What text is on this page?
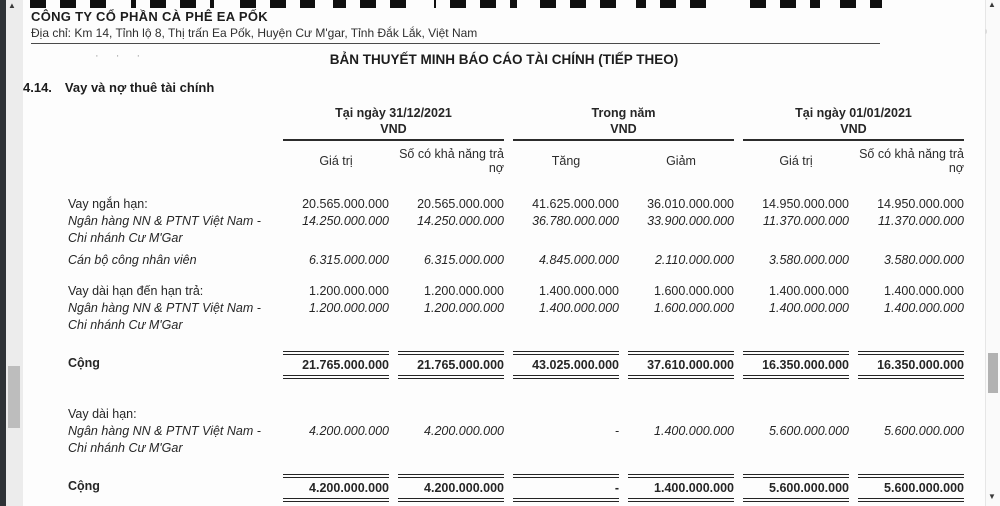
▲	▲
▼
CÔNG TY CỔ PHẦN CÀ PHÊ EA PỐK
Địa chỉ: Km 14, Tỉnh lộ 8, Thị trấn Ea Pốk, Huyện Cư M'gar, Tỉnh Đắk Lắk, Việt Nam
· · ·	BẢN THUYẾT MINH BÁO CÁO TÀI CHÍNH (TIẾP THEO)
4.14. Vay và nợ thuê tài chính

Tại ngày 31/12/2021
VND

Trong năm
VND

Tại ngày 01/01/2021
VND

	Giá trị	Số có khả năng trả nợ	Tăng	Giảm	Giá trị	Số có khả năng trả nợ
Vay ngắn hạn:	20.565.000.000	20.565.000.000	41.625.000.000	36.010.000.000	14.950.000.000	14.950.000.000

Ngân hàng NN & PTNT Việt Nam -
Chi nhánh Cư M'Gar	14.250.000.000	14.250.000.000	36.780.000.000	33.900.000.000	11.370.000.000	11.370.000.000
Cán bộ công nhân viên	6.315.000.000	6.315.000.000	4.845.000.000	2.110.000.000	3.580.000.000	3.580.000.000
Vay dài hạn đến hạn trả:	1.200.000.000	1.200.000.000	1.400.000.000	1.600.000.000	1.400.000.000	1.400.000.000

Ngân hàng NN & PTNT Việt Nam -
Chi nhánh Cư M'Gar	1.200.000.000	1.200.000.000	1.400.000.000	1.600.000.000	1.400.000.000	1.400.000.000
Cộng	21.765.000.000	21.765.000.000	43.025.000.000	37.610.000.000	16.350.000.000	16.350.000.000

Vay dài hạn:						

Ngân hàng NN & PTNT Việt Nam -
Chi nhánh Cư M'Gar	4.200.000.000	4.200.000.000	-	1.400.000.000	5.600.000.000	5.600.000.000
Cộng	4.200.000.000	4.200.000.000	-	1.400.000.000	5.600.000.000	5.600.000.000
